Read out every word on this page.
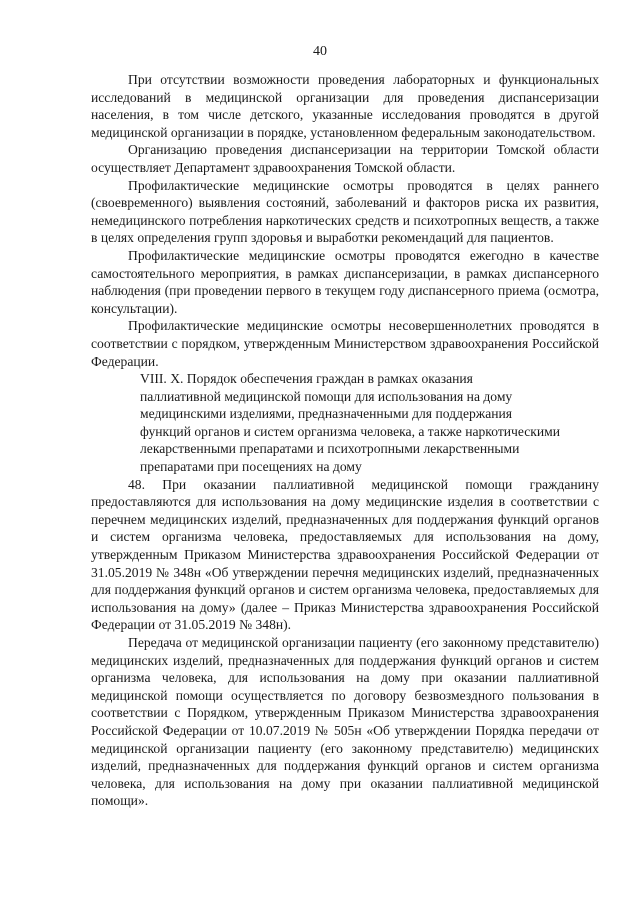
40

При отсутствии возможности проведения лабораторных и функциональных исследований в медицинской организации для проведения диспансеризации населения, в том числе детского, указанные исследования проводятся в другой медицинской организации в порядке, установленном федеральным законодательством.

Организацию проведения диспансеризации на территории Томской области осуществляет Департамент здравоохранения Томской области.

Профилактические медицинские осмотры проводятся в целях раннего (своевременного) выявления состояний, заболеваний и факторов риска их развития, немедицинского потребления наркотических средств и психотропных веществ, а также в целях определения групп здоровья и выработки рекомендаций для пациентов.

Профилактические медицинские осмотры проводятся ежегодно в качестве самостоятельного мероприятия, в рамках диспансеризации, в рамках диспансерного наблюдения (при проведении первого в текущем году диспансерного приема (осмотра, консультации).

Профилактические медицинские осмотры несовершеннолетних проводятся в соответствии с порядком, утвержденным Министерством здравоохранения Российской Федерации.

VIII. X. Порядок обеспечения граждан в рамках оказания
паллиативной медицинской помощи для использования на дому
медицинскими изделиями, предназначенными для поддержания
функций органов и систем организма человека, а также наркотическими
лекарственными препаратами и психотропными лекарственными
препаратами при посещениях на дому

48. При оказании паллиативной медицинской помощи гражданину предоставляются для использования на дому медицинские изделия в соответствии с перечнем медицинских изделий, предназначенных для поддержания функций органов и систем организма человека, предоставляемых для использования на дому, утвержденным Приказом Министерства здравоохранения Российской Федерации от 31.05.2019 № 348н «Об утверждении перечня медицинских изделий, предназначенных для поддержания функций органов и систем организма человека, предоставляемых для использования на дому» (далее – Приказ Министерства здравоохранения Российской Федерации от 31.05.2019 № 348н).

Передача от медицинской организации пациенту (его законному представителю) медицинских изделий, предназначенных для поддержания функций органов и систем организма человека, для использования на дому при оказании паллиативной медицинской помощи осуществляется по договору безвозмездного пользования в соответствии с Порядком, утвержденным Приказом Министерства здравоохранения Российской Федерации от 10.07.2019 № 505н «Об утверждении Порядка передачи от медицинской организации пациенту (его законному представителю) медицинских изделий, предназначенных для поддержания функций органов и систем организма человека, для использования на дому при оказании паллиативной медицинской помощи».
